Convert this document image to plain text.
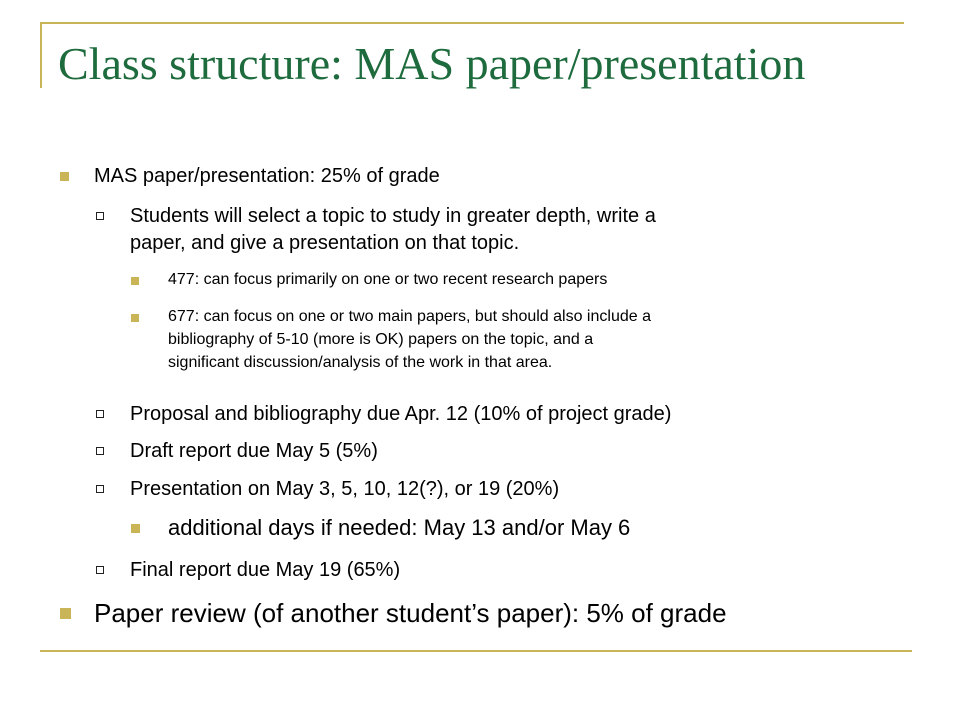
Class structure: MAS paper/presentation
MAS paper/presentation: 25% of grade
Students will select a topic to study in greater depth, write a
paper, and give a presentation on that topic.
477: can focus primarily on one or two recent research papers
677: can focus on one or two main papers, but should also include a
bibliography of 5-10 (more is OK) papers on the topic, and a
significant discussion/analysis of the work in that area.
Proposal and bibliography due Apr. 12 (10% of project grade)
Draft report due May 5 (5%)
Presentation on May 3, 5, 10, 12(?), or 19 (20%)
additional days if needed: May 13 and/or May 6
Final report due May 19 (65%)
Paper review (of another student’s paper): 5% of grade
